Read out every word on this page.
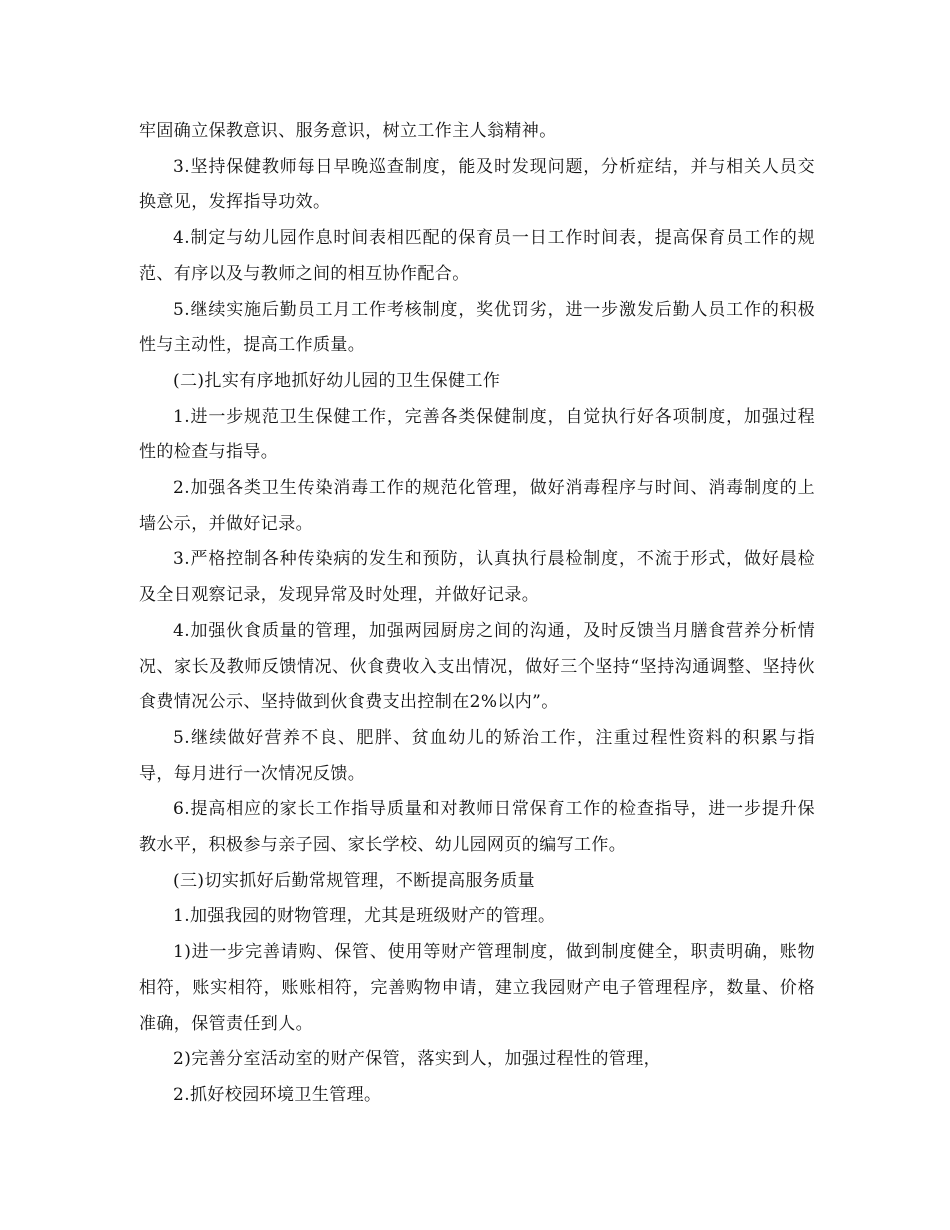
牢固确立保教意识、服务意识，树立工作主人翁精神。

3.坚持保健教师每日早晚巡查制度，能及时发现问题，分析症结，并与相关人员交换意见，发挥指导功效。

4.制定与幼儿园作息时间表相匹配的保育员一日工作时间表，提高保育员工作的规范、有序以及与教师之间的相互协作配合。

5.继续实施后勤员工月工作考核制度，奖优罚劣，进一步激发后勤人员工作的积极性与主动性，提高工作质量。

(二)扎实有序地抓好幼儿园的卫生保健工作

1.进一步规范卫生保健工作，完善各类保健制度，自觉执行好各项制度，加强过程性的检查与指导。

2.加强各类卫生传染消毒工作的规范化管理，做好消毒程序与时间、消毒制度的上墙公示，并做好记录。

3.严格控制各种传染病的发生和预防，认真执行晨检制度，不流于形式，做好晨检及全日观察记录，发现异常及时处理，并做好记录。

4.加强伙食质量的管理，加强两园厨房之间的沟通，及时反馈当月膳食营养分析情况、家长及教师反馈情况、伙食费收入支出情况，做好三个坚持“坚持沟通调整、坚持伙食费情况公示、坚持做到伙食费支出控制在2%以内”。

5.继续做好营养不良、肥胖、贫血幼儿的矫治工作，注重过程性资料的积累与指导，每月进行一次情况反馈。

6.提高相应的家长工作指导质量和对教师日常保育工作的检查指导，进一步提升保教水平，积极参与亲子园、家长学校、幼儿园网页的编写工作。

(三)切实抓好后勤常规管理，不断提高服务质量

1.加强我园的财物管理，尤其是班级财产的管理。

1)进一步完善请购、保管、使用等财产管理制度，做到制度健全，职责明确，账物相符，账实相符，账账相符，完善购物申请，建立我园财产电子管理程序，数量、价格准确，保管责任到人。

2)完善分室活动室的财产保管，落实到人，加强过程性的管理，

2.抓好校园环境卫生管理。
